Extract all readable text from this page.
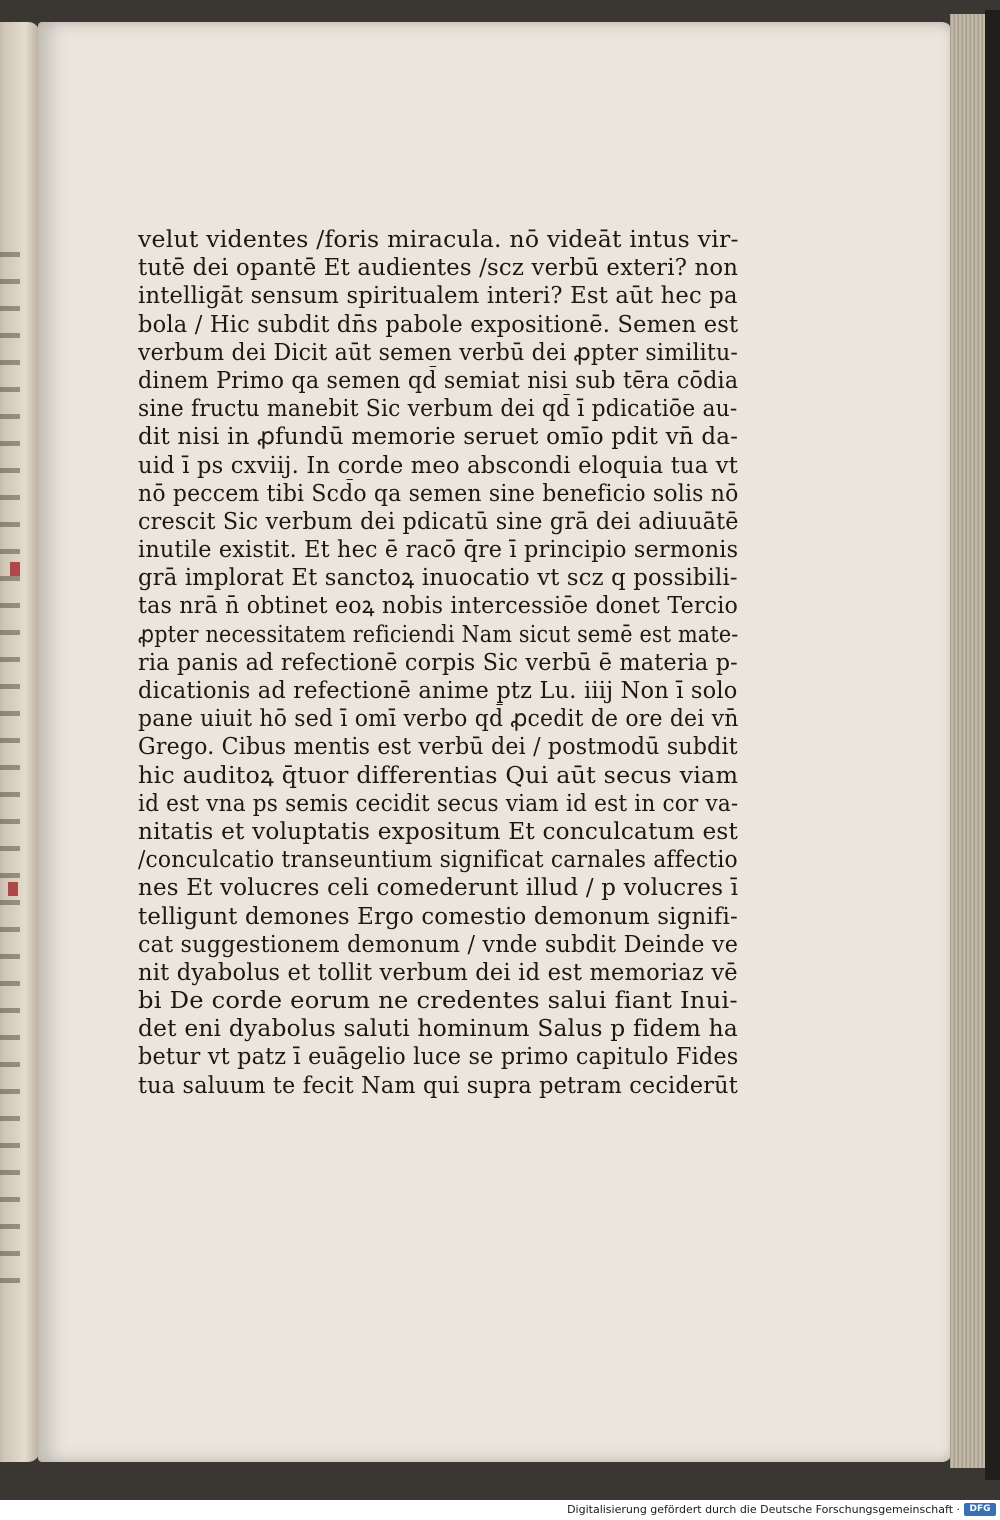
velut videntes /foris miracula. nō videāt intus vir-
tutē dei opantē Et audientes /scz verbū exteri? non
intelligāt sensum spiritualem interi? Est aūt hec pa
bola / Hic subdit dn̄s pabole expositionē. Semen est
verbum dei Dicit aūt semen verbū dei ꝓpter similitu-
dinem Primo qa semen qd̄ semiat nisi sub tēra cōdia
sine fructu manebit Sic verbum dei qd̄ ī pdicatiōe au-
dit nisi in ꝓfundū memorie seruet omīo pdit vn̄ da-
uid ī ps cxviij. In corde meo abscondi eloquia tua vt
nō peccem tibi Scd̄o qa semen sine beneficio solis nō
crescit Sic verbum dei pdicatū sine grā dei adiuuātē
inutile existit. Et hec ē racō q̄re ī principio sermonis
grā implorat Et sanctoꝝ inuocatio vt scz q possibili-
tas nrā n̄ obtinet eoꝝ nobis intercessiōe donet Tercio
ꝓpter necessitatem reficiendi Nam sicut semē est mate-
ria panis ad refectionē corpis Sic verbū ē materia p-
dicationis ad refectionē anime ptz Lu. iiij Non ī solo
pane uiuit hō sed ī omī verbo qd̄ ꝓcedit de ore dei vn̄
Grego. Cibus mentis est verbū dei / postmodū subdit
hic auditoꝝ q̄tuor differentias Qui aūt secus viam
id est vna ps semis cecidit secus viam id est in cor va-
nitatis et voluptatis expositum Et conculcatum est
/conculcatio transeuntium significat carnales affectio
nes Et volucres celi comederunt illud / p volucres ī
telligunt demones Ergo comestio demonum signifi-
cat suggestionem demonum / vnde subdit Deinde ve
nit dyabolus et tollit verbum dei id est memoriaz vē
bi De corde eorum ne credentes salui fiant Inui-
det eni dyabolus saluti hominum Salus p fidem ha
betur vt patz ī euāgelio luce se primo capitulo Fides
tua saluum te fecit Nam qui supra petram ceciderūt
Digitalisierung gefördert durch die Deutsche Forschungsgemeinschaft ·	DFG
